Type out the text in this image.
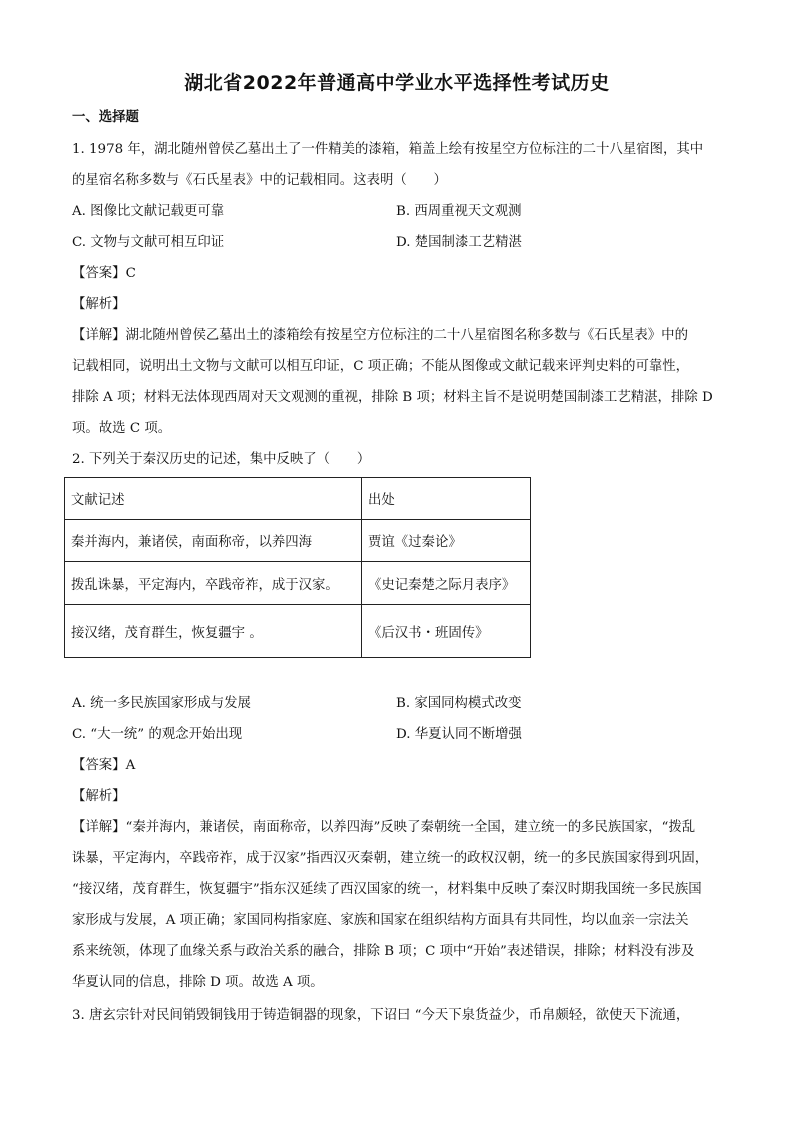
湖北省2022年普通高中学业水平选择性考试历史
一、选择题
1. 1978 年，湖北随州曾侯乙墓出土了一件精美的漆箱，箱盖上绘有按星空方位标注的二十八星宿图，其中
的星宿名称多数与《石氏星表》中的记载相同。这表明（　　）
A. 图像比文献记载更可靠	B. 西周重视天文观测
C. 文物与文献可相互印证	D. 楚国制漆工艺精湛
【答案】C
【解析】
【详解】湖北随州曾侯乙墓出土的漆箱绘有按星空方位标注的二十八星宿图名称多数与《石氏星表》中的
记载相同，说明出土文物与文献可以相互印证，C 项正确；不能从图像或文献记载来评判史料的可靠性，
排除 A 项；材料无法体现西周对天文观测的重视，排除 B 项；材料主旨不是说明楚国制漆工艺精湛，排除 D
项。故选 C 项。
2. 下列关于秦汉历史的记述，集中反映了（　　）
文献记述	出处
秦并海内，兼诸侯，南面称帝，以养四海	贾谊《过秦论》
拨乱诛暴，平定海内，卒践帝祚，成于汉家。	《史记秦楚之际月表序》
接汉绪，茂育群生，恢复疆宇 。	《后汉书・班固传》
A. 统一多民族国家形成与发展	B. 家国同构模式改变
C. “大一统” 的观念开始出现	D. 华夏认同不断增强
【答案】A
【解析】
【详解】“秦并海内，兼诸侯，南面称帝，以养四海”反映了秦朝统一全国，建立统一的多民族国家，“拨乱
诛暴，平定海内，卒践帝祚，成于汉家”指西汉灭秦朝，建立统一的政权汉朝，统一的多民族国家得到巩固，
“接汉绪，茂育群生，恢复疆宇”指东汉延续了西汉国家的统一，材料集中反映了秦汉时期我国统一多民族国
家形成与发展，A 项正确；家国同构指家庭、家族和国家在组织结构方面具有共同性，均以血亲一宗法关
系来统领，体现了血缘关系与政治关系的融合，排除 B 项；C 项中“开始”表述错误，排除；材料没有涉及
华夏认同的信息，排除 D 项。故选 A 项。
3. 唐玄宗针对民间销毁铜钱用于铸造铜器的现象，下诏曰 “今天下泉货益少，币帛颇轻，欲使天下流通，
